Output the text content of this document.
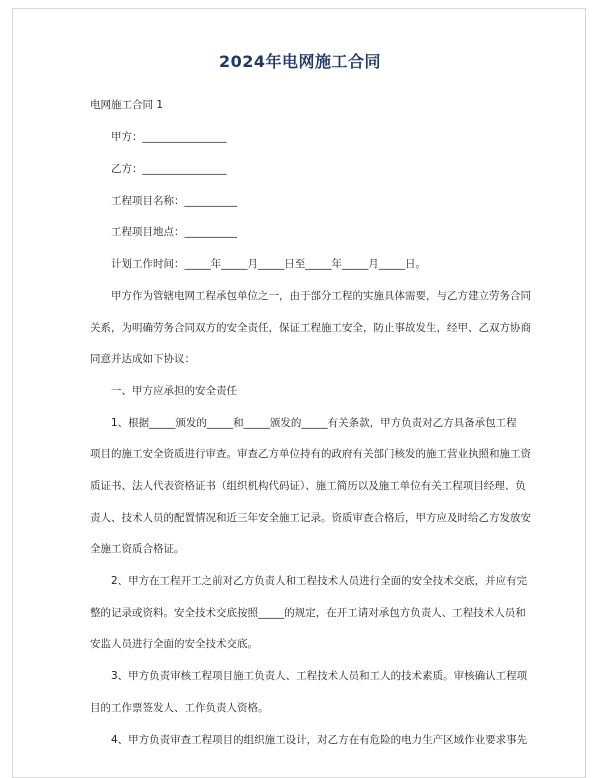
2024年电网施工合同
电网施工合同 1
甲方：________________
乙方：________________
工程项目名称：__________
工程项目地点：__________
计划工作时间：_____年_____月_____日至_____年_____月_____日。
甲方作为管辖电网工程承包单位之一，由于部分工程的实施具体需要，与乙方建立劳务合同
关系，为明确劳务合同双方的安全责任，保证工程施工安全，防止事故发生，经甲、乙双方协商
同意并达成如下协议：
一、甲方应承担的安全责任
1、根据_____颁发的_____和_____颁发的_____有关条款，甲方负责对乙方具备承包工程
项目的施工安全资质进行审查。审查乙方单位持有的政府有关部门核发的施工营业执照和施工资
质证书、法人代表资格证书（组织机构代码证）、施工简历以及施工单位有关工程项目经理、负
责人、技术人员的配置情况和近三年安全施工记录。资质审查合格后，甲方应及时给乙方发放安
全施工资质合格证。
2、甲方在工程开工之前对乙方负责人和工程技术人员进行全面的安全技术交底，并应有完
整的记录或资料。安全技术交底按照_____的规定，在开工请对承包方负责人、工程技术人员和
安监人员进行全面的安全技术交底。
3、甲方负责审核工程项目施工负责人、工程技术人员和工人的技术素质。审核确认工程项
目的工作票签发人、工作负责人资格。
4、甲方负责审查工程项目的组织施工设计，对乙方在有危险的电力生产区域作业要求事先
